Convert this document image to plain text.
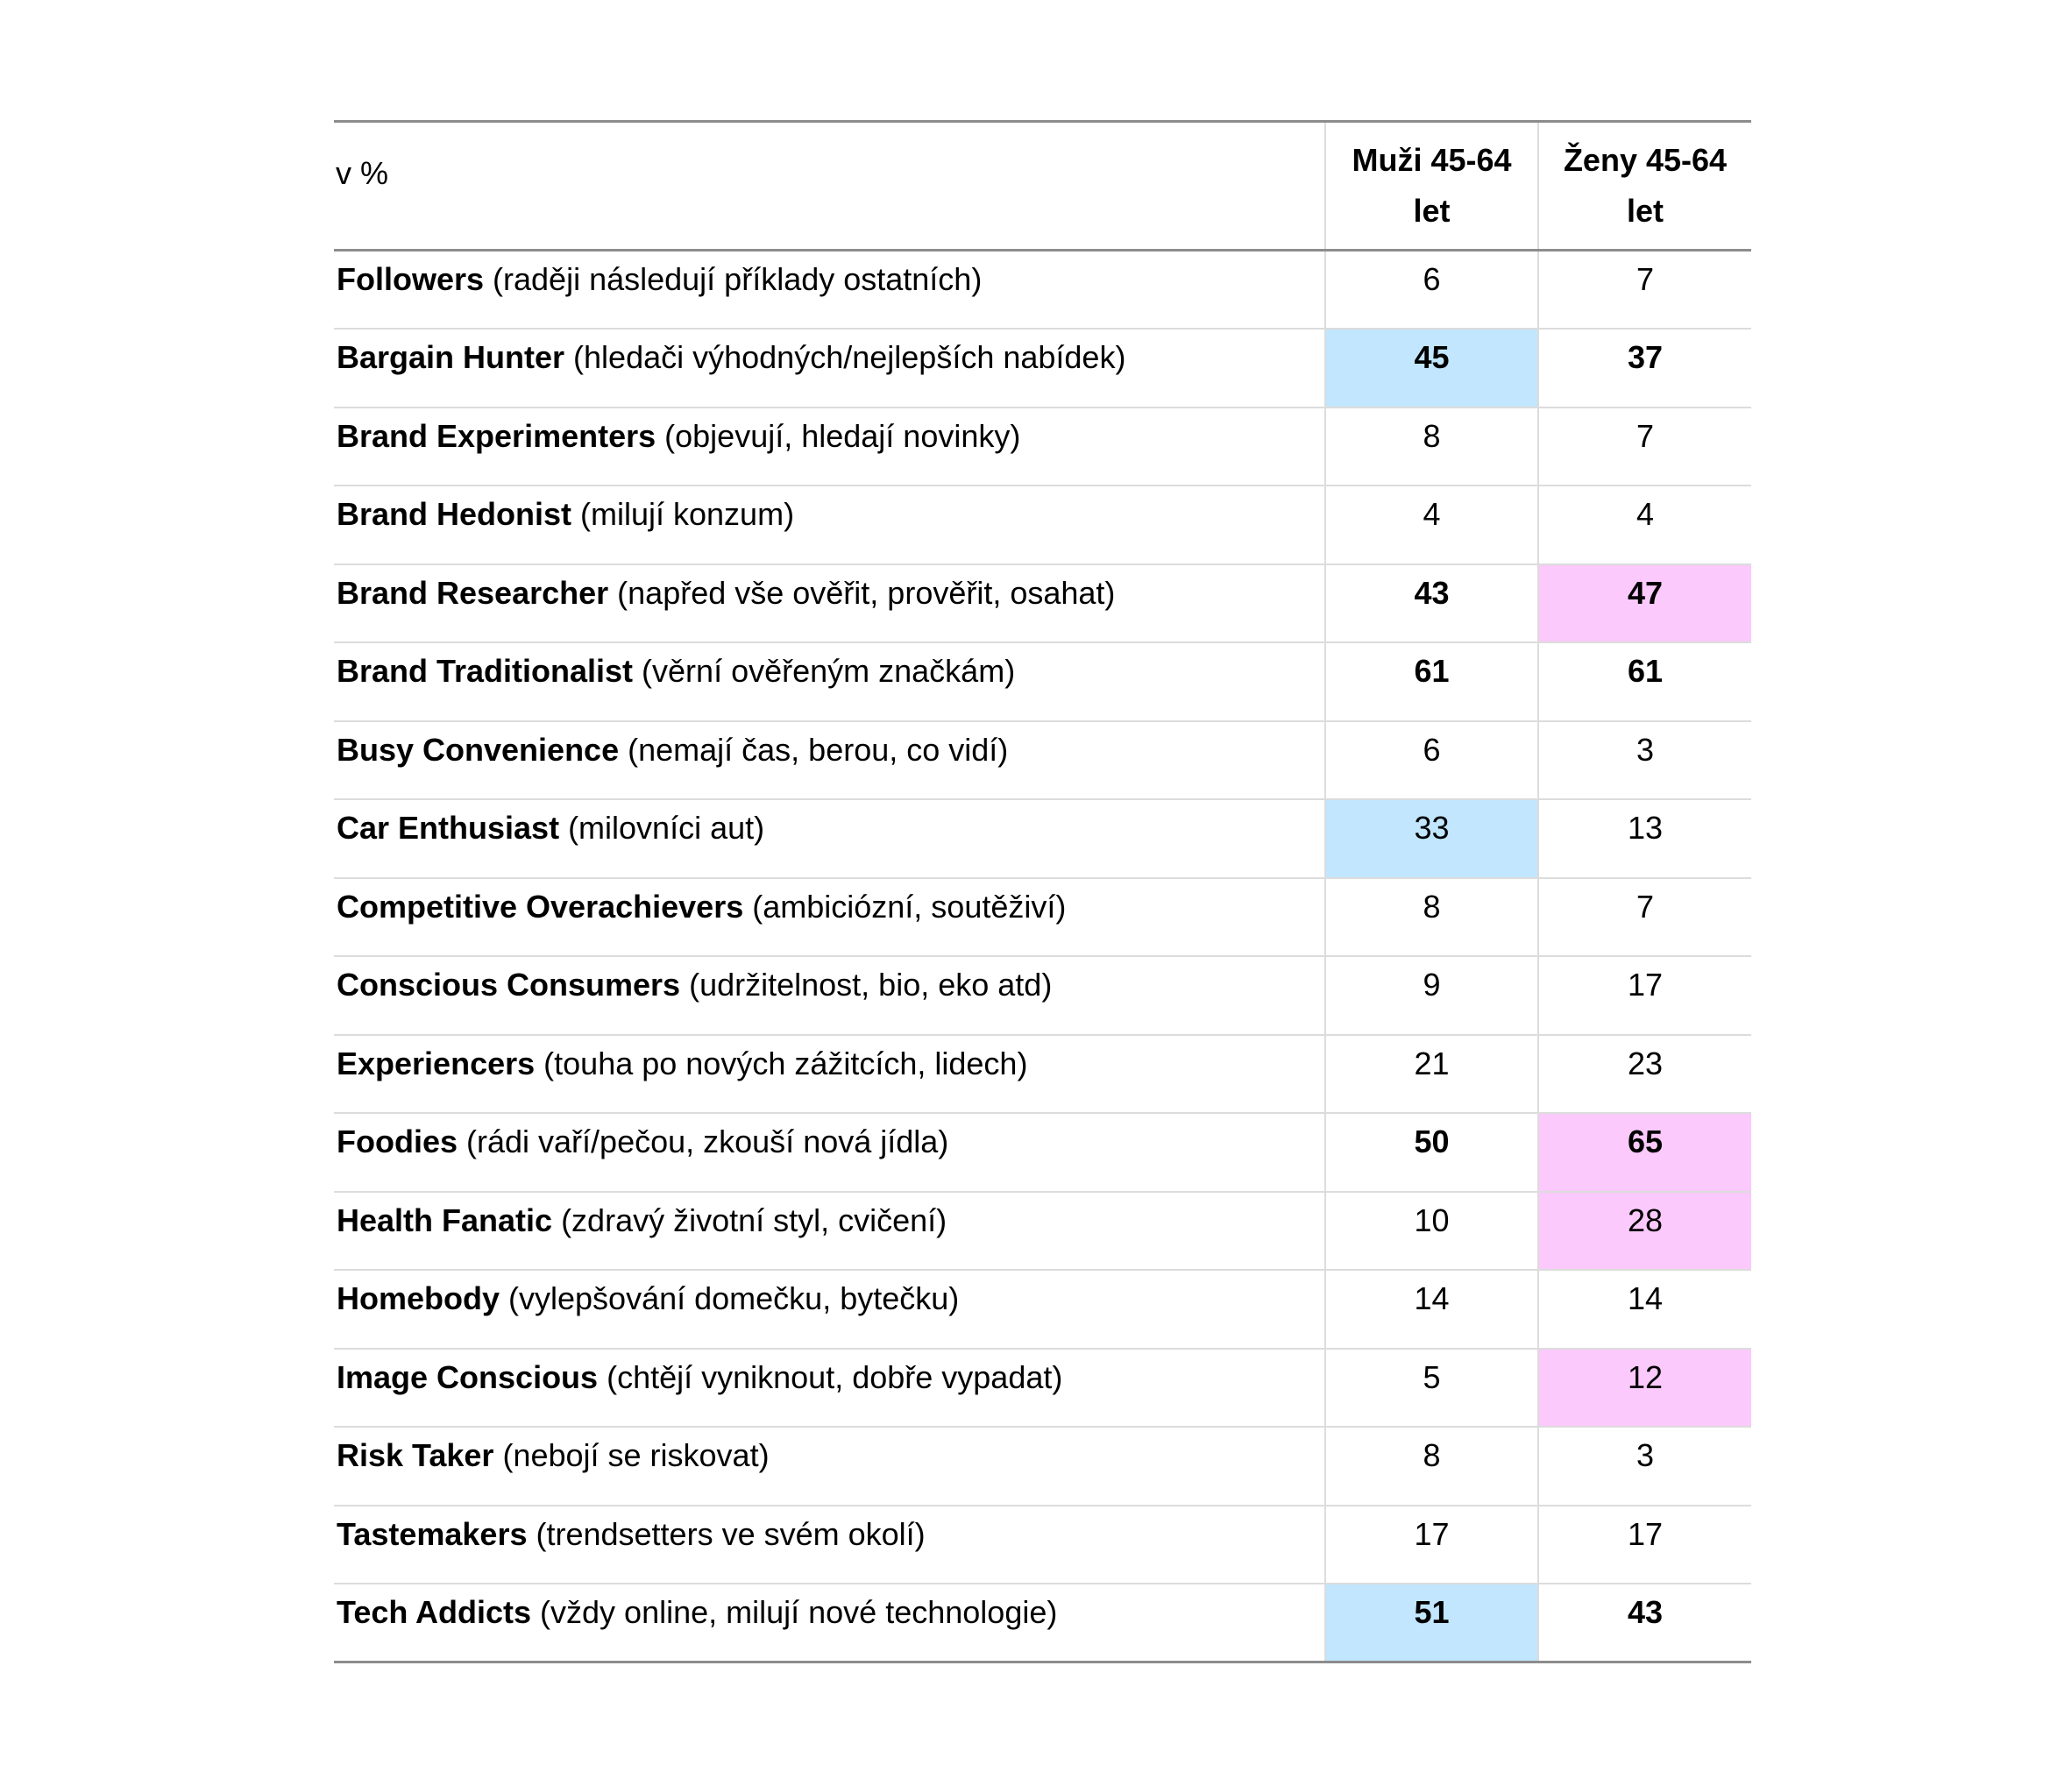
v %	Muži 45-64 let	Ženy 45-64 let
Followers (raději následují příklady ostatních)	6	7
Bargain Hunter (hledači výhodných/nejlepších nabídek)	45	37
Brand Experimenters (objevují, hledají novinky)	8	7
Brand Hedonist (milují konzum)	4	4
Brand Researcher (napřed vše ověřit, prověřit, osahat)	43	47
Brand Traditionalist (věrní ověřeným značkám)	61	61
Busy Convenience (nemají čas, berou, co vidí)	6	3
Car Enthusiast (milovníci aut)	33	13
Competitive Overachievers (ambiciózní, soutěživí)	8	7
Conscious Consumers (udržitelnost, bio, eko atd)	9	17
Experiencers (touha po nových zážitcích, lidech)	21	23
Foodies (rádi vaří/pečou, zkouší nová jídla)	50	65
Health Fanatic (zdravý životní styl, cvičení)	10	28
Homebody (vylepšování domečku, bytečku)	14	14
Image Conscious (chtějí vyniknout, dobře vypadat)	5	12
Risk Taker (nebojí se riskovat)	8	3
Tastemakers (trendsetters ve svém okolí)	17	17
Tech Addicts (vždy online, milují nové technologie)	51	43
